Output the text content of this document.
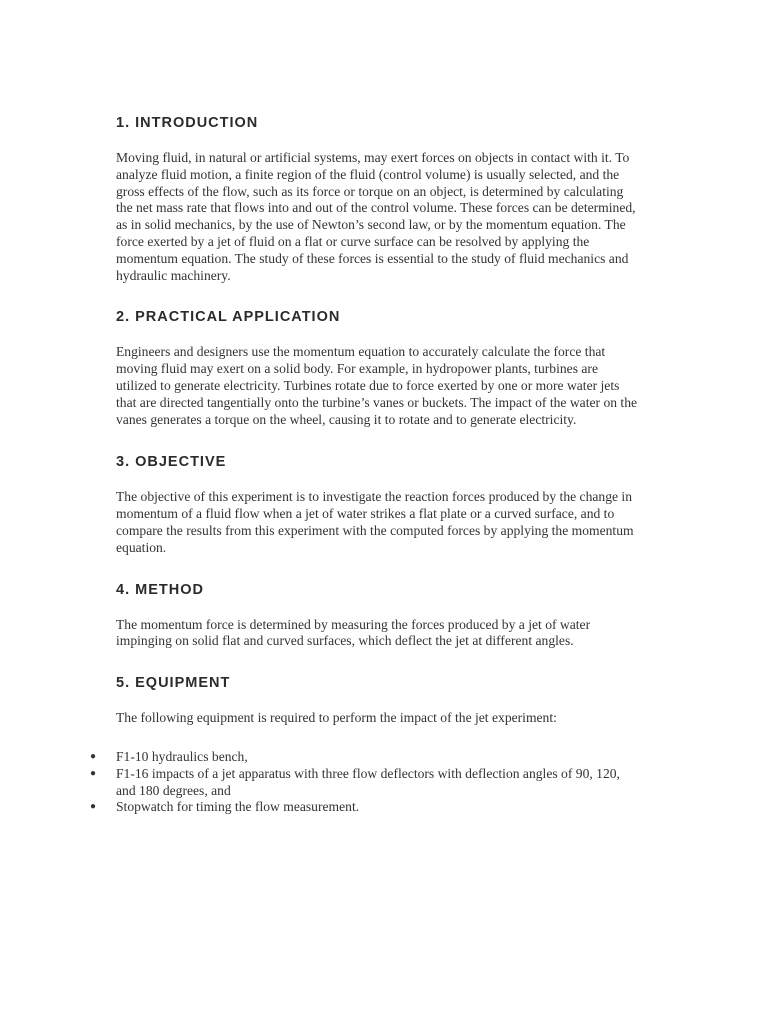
1. INTRODUCTION

Moving fluid, in natural or artificial systems, may exert forces on objects in contact with it. To analyze fluid motion, a finite region of the fluid (control volume) is usually selected, and the gross effects of the flow, such as its force or torque on an object, is determined by calculating the net mass rate that flows into and out of the control volume. These forces can be determined, as in solid mechanics, by the use of Newton’s second law, or by the momentum equation. The force exerted by a jet of fluid on a flat or curve surface can be resolved by applying the momentum equation. The study of these forces is essential to the study of fluid mechanics and hydraulic machinery.

2. PRACTICAL APPLICATION

Engineers and designers use the momentum equation to accurately calculate the force that moving fluid may exert on a solid body. For example, in hydropower plants, turbines are utilized to generate electricity. Turbines rotate due to force exerted by one or more water jets that are directed tangentially onto the turbine’s vanes or buckets. The impact of the water on the vanes generates a torque on the wheel, causing it to rotate and to generate electricity.

3. OBJECTIVE

The objective of this experiment is to investigate the reaction forces produced by the change in momentum of a fluid flow when a jet of water strikes a flat plate or a curved surface, and to compare the results from this experiment with the computed forces by applying the momentum equation.

4. METHOD

The momentum force is determined by measuring the forces produced by a jet of water impinging on solid flat and curved surfaces, which deflect the jet at different angles.

5. EQUIPMENT

The following equipment is required to perform the impact of the jet experiment:

● F1-10 hydraulics bench,
● F1-16 impacts of a jet apparatus with three flow deflectors with deflection angles of 90, 120, and 180 degrees, and
● Stopwatch for timing the flow measurement.
